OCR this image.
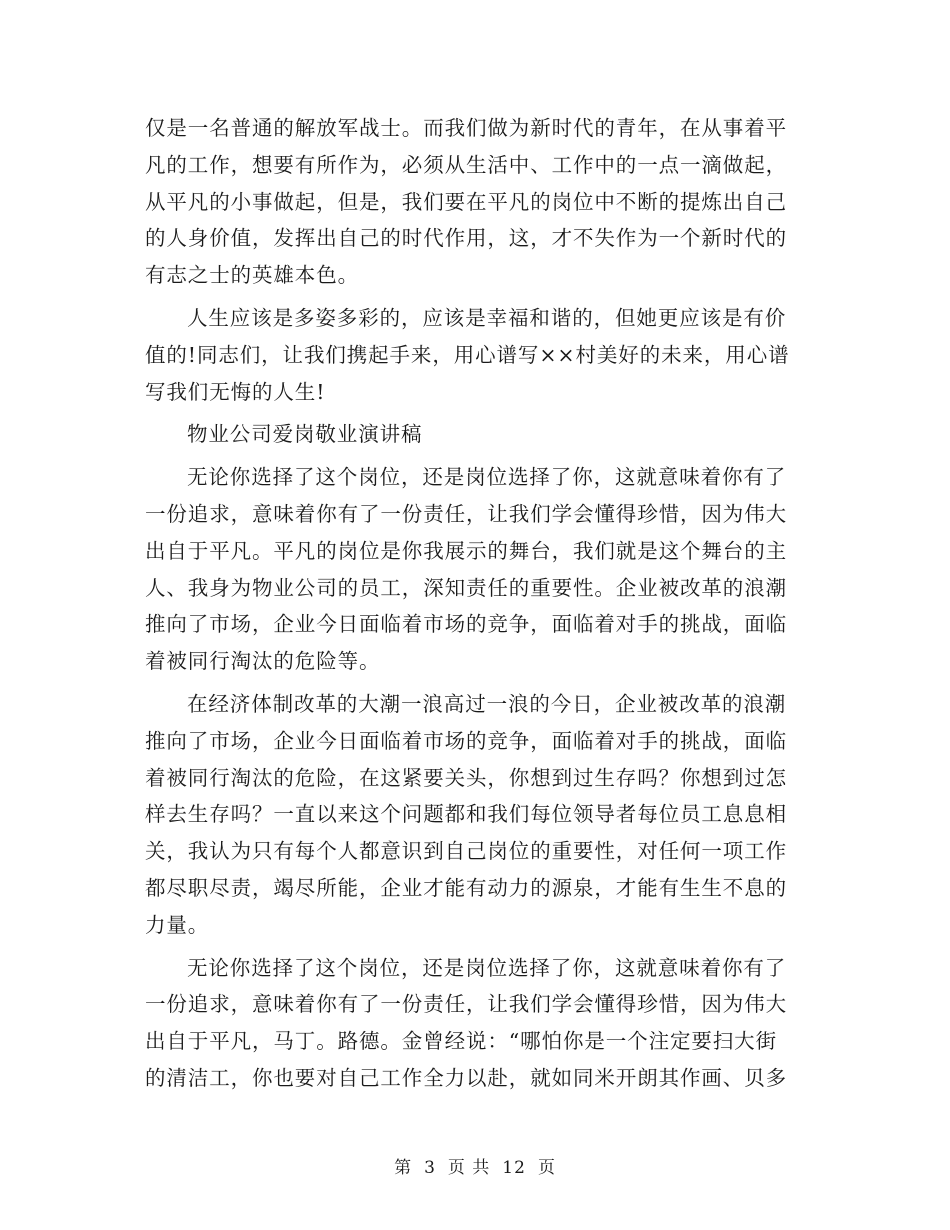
仅是一名普通的解放军战士。而我们做为新时代的青年，在从事着平
凡的工作，想要有所作为，必须从生活中、工作中的一点一滴做起，
从平凡的小事做起，但是，我们要在平凡的岗位中不断的提炼出自己
的人身价值，发挥出自己的时代作用，这，才不失作为一个新时代的
有志之士的英雄本色。
人生应该是多姿多彩的，应该是幸福和谐的，但她更应该是有价
值的!同志们，让我们携起手来，用心谱写××村美好的未来，用心谱
写我们无悔的人生!
物业公司爱岗敬业演讲稿
无论你选择了这个岗位，还是岗位选择了你，这就意味着你有了
一份追求，意味着你有了一份责任，让我们学会懂得珍惜，因为伟大
出自于平凡。平凡的岗位是你我展示的舞台，我们就是这个舞台的主
人、我身为物业公司的员工，深知责任的重要性。企业被改革的浪潮
推向了市场，企业今日面临着市场的竞争，面临着对手的挑战，面临
着被同行淘汰的危险等。
在经济体制改革的大潮一浪高过一浪的今日，企业被改革的浪潮
推向了市场，企业今日面临着市场的竞争，面临着对手的挑战，面临
着被同行淘汰的危险，在这紧要关头，你想到过生存吗？你想到过怎
样去生存吗？一直以来这个问题都和我们每位领导者每位员工息息相
关，我认为只有每个人都意识到自己岗位的重要性，对任何一项工作
都尽职尽责，竭尽所能，企业才能有动力的源泉，才能有生生不息的
力量。
无论你选择了这个岗位，还是岗位选择了你，这就意味着你有了
一份追求，意味着你有了一份责任，让我们学会懂得珍惜，因为伟大
出自于平凡，马丁。路德。金曾经说：“哪怕你是一个注定要扫大街
的清洁工，你也要对自己工作全力以赴，就如同米开朗其作画、贝多
第 3 页 共 12 页
